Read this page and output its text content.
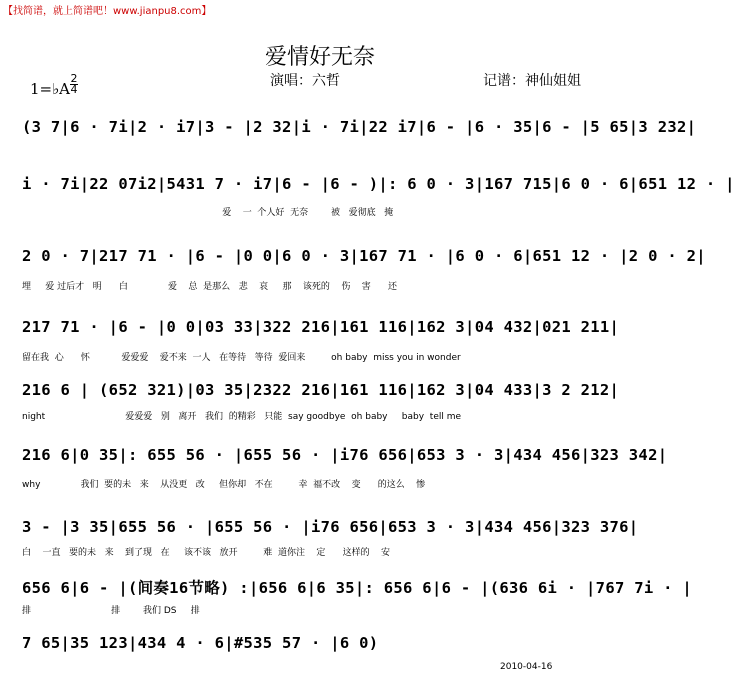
【找简谱，就上简谱吧！www.jianpu8.com】
爱情好无奈
1=♭A
2
4
演唱：六哲	记谱：神仙姐姐
(3 7|6 · 7i|2 · i7|3 - |2 32|i · 7i|22 i7|6 - |6 · 35|6 - |5 65|3 232|
i · 7i|22 07i2|5431 7 · i7|6 - |6 - )|: 6 0 · 3|167 715|6 0 · 6|651 12 · |
爱    一  个人好  无奈        被   爱彻底   掩
2 0 · 7|217 71 · |6 - |0 0|6 0 · 3|167 71 · |6 0 · 6|651 12 · |2 0 · 2|
埋     爱 过后才   明      白              爱    总  是那么   悲    哀     那    该死的    伤    害      还
217 71 · |6 - |0 0|03 33|322 216|161 116|162 3|04 432|021 211|
留在我  心      怀           爱爱爱    爱不来  一人   在等待   等待  爱回来         oh baby  miss you in wonder
216 6 | (652 321)|03 35|2322 216|161 116|162 3|04 433|3 2 212|
night                            爱爱爱   别   离开   我们  的精彩   只能  say goodbye  oh baby     baby  tell me
216 6|0 35|: 655 56 · |655 56 · |i76 656|653 3 · 3|434 456|323 342|
why              我们  要的未   来    从没更   改     但你却   不在         幸  福不改    变      的这么    惨
3 - |3 35|655 56 · |655 56 · |i76 656|653 3 · 3|434 456|323 376|
白    一直   要的未   来    到了现   在     该不该   放开         难  道你注    定      这样的    安
656 6|6 - |(间奏16节略) :|656 6|6 35|: 656 6|6 - |(636 6i · |767 7i · |
排                            排        我们 DS     排
7 65|35 123|434 4 · 6|#535 57 · |6 0)
2010-04-16
